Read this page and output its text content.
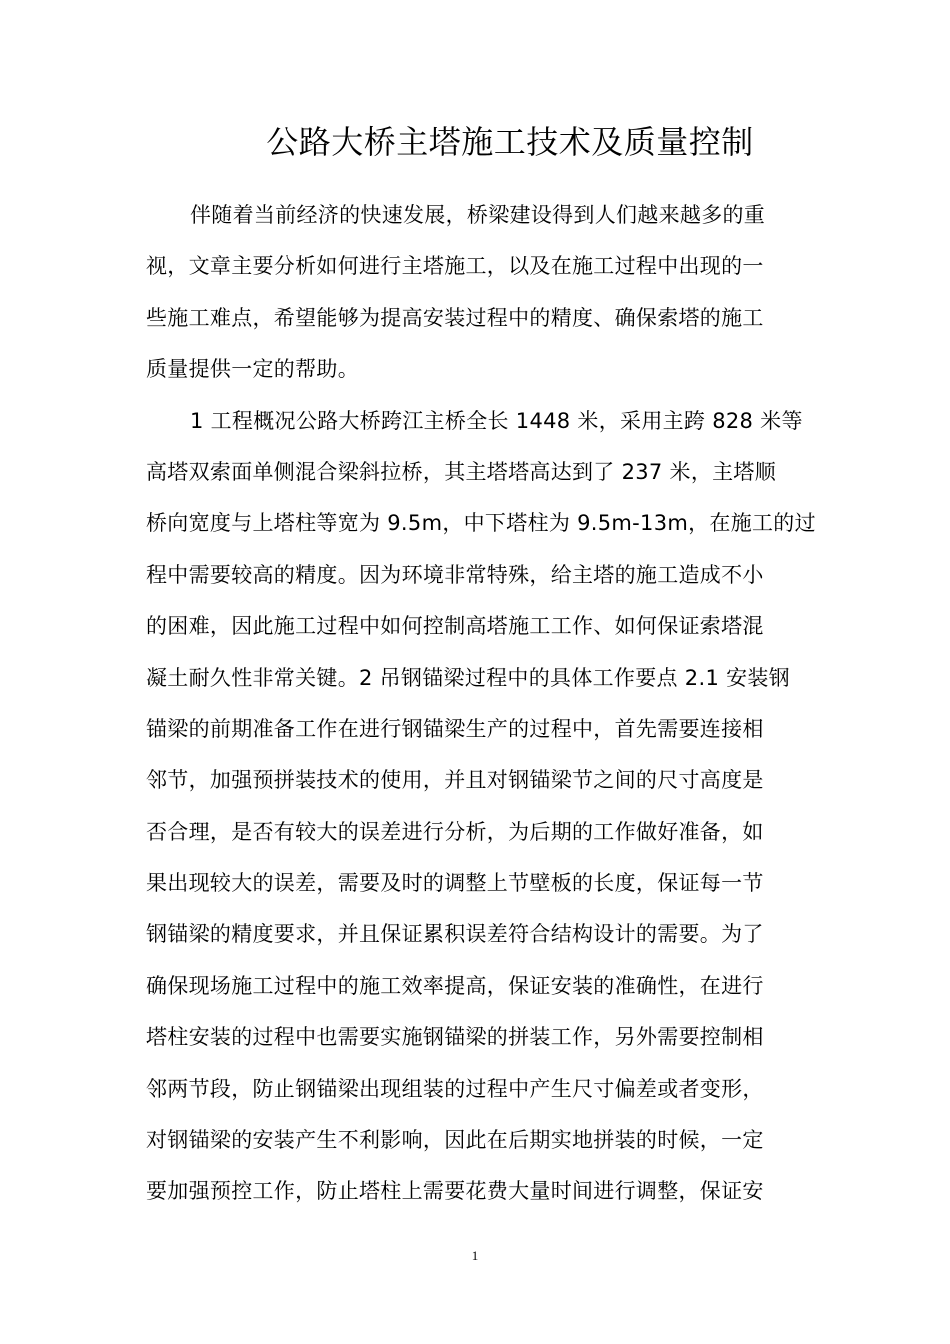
公路大桥主塔施工技术及质量控制
伴随着当前经济的快速发展，桥梁建设得到人们越来越多的重
视，文章主要分析如何进行主塔施工，以及在施工过程中出现的一
些施工难点，希望能够为提高安装过程中的精度、确保索塔的施工
质量提供一定的帮助。
1 工程概况公路大桥跨江主桥全长 1448 米，采用主跨 828 米等
高塔双索面单侧混合梁斜拉桥，其主塔塔高达到了 237 米，主塔顺
桥向宽度与上塔柱等宽为 9.5m，中下塔柱为 9.5m-13m，在施工的过
程中需要较高的精度。因为环境非常特殊，给主塔的施工造成不小
的困难，因此施工过程中如何控制高塔施工工作、如何保证索塔混
凝土耐久性非常关键。2 吊钢锚梁过程中的具体工作要点 2.1 安装钢
锚梁的前期准备工作在进行钢锚梁生产的过程中，首先需要连接相
邻节，加强预拼装技术的使用，并且对钢锚梁节之间的尺寸高度是
否合理，是否有较大的误差进行分析，为后期的工作做好准备，如
果出现较大的误差，需要及时的调整上节壁板的长度，保证每一节
钢锚梁的精度要求，并且保证累积误差符合结构设计的需要。为了
确保现场施工过程中的施工效率提高，保证安装的准确性，在进行
塔柱安装的过程中也需要实施钢锚梁的拼装工作，另外需要控制相
邻两节段，防止钢锚梁出现组装的过程中产生尺寸偏差或者变形，
对钢锚梁的安装产生不利影响，因此在后期实地拼装的时候，一定
要加强预控工作，防止塔柱上需要花费大量时间进行调整，保证安
1
